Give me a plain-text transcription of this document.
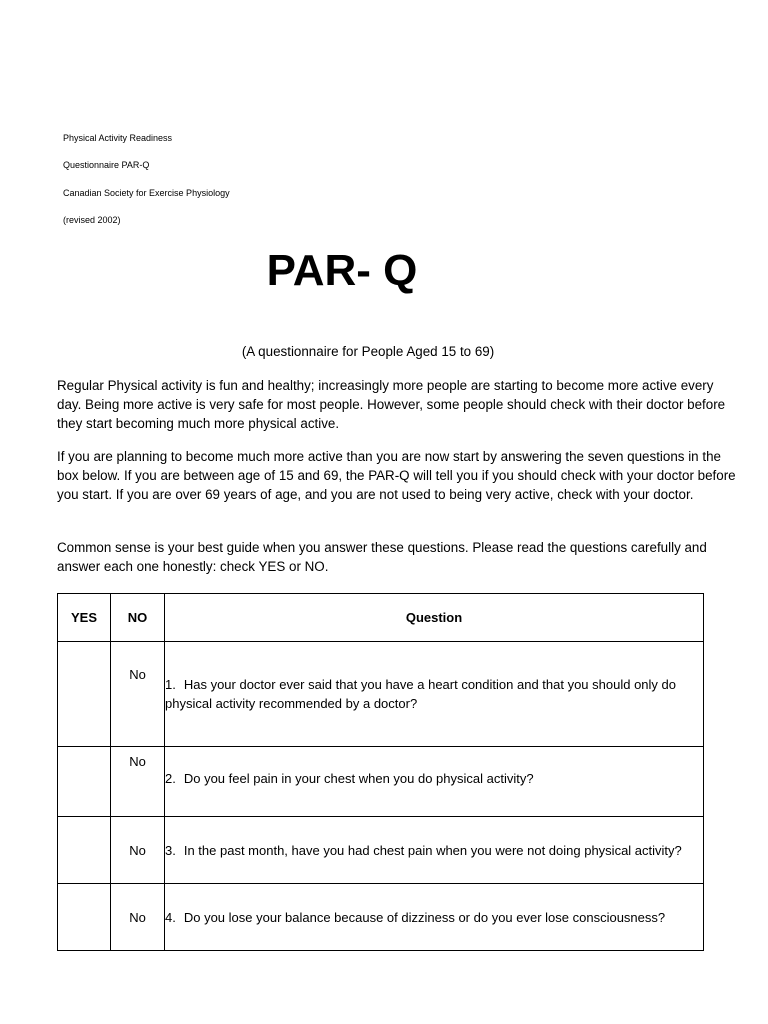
Physical Activity Readiness
Questionnaire PAR-Q
Canadian Society for Exercise Physiology
(revised 2002)
PAR- Q
(A questionnaire for People Aged 15 to 69)

Regular Physical activity is fun and healthy; increasingly more people are starting to become more active every day. Being more active is very safe for most people. However, some people should check with their doctor before they start becoming much more physical active.

If you are planning to become much more active than you are now start by answering the seven questions in the box below. If you are between age of 15 and 69, the PAR-Q will tell you if you should check with your doctor before you start. If you are over 69 years of age, and you are not used to being very active, check with your doctor.

Common sense is your best guide when you answer these questions. Please read the questions carefully and answer each one honestly: check YES or NO.

YES	NO	Question
	No	1. Has your doctor ever said that you have a heart condition and that you should only do physical activity recommended by a doctor?
	No	2. Do you feel pain in your chest when you do physical activity?
	No	3. In the past month, have you had chest pain when you were not doing physical activity?
	No	4. Do you lose your balance because of dizziness or do you ever lose consciousness?
